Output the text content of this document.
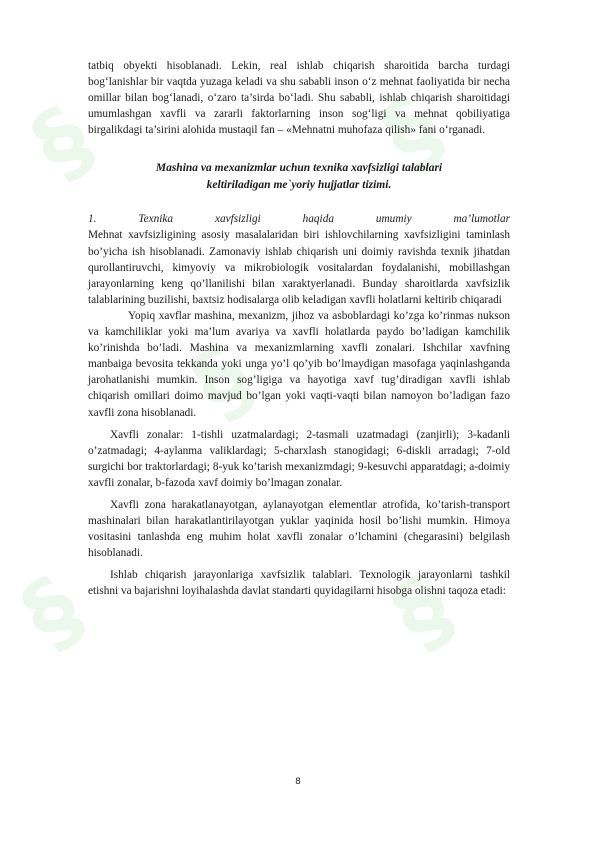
§	§
§
§	§

tatbiq obyekti hisoblanadi. Lekin, real ishlab chiqarish sharoitida barcha turdagi bog‘lanishlar bir vaqtda yuzaga keladi va shu sababli inson o‘z mehnat faoliyatida bir necha omillar bilan bog‘lanadi, o‘zaro ta’sirda bo‘ladi. Shu sababli, ishlab chiqarish sharoitidagi umumlashgan xavfli va zararli faktorlarning inson sog‘ligi va mehnat qobiliyatiga birgalikdagi ta’sirini alohida mustaqil fan – «Mehnatni muhofaza qilish» fani o‘rganadi.

Mashina va mexanizmlar uchun texnika xavfsizligi talablari
keltiriladigan me`yoriy hujjatlar tizimi.
1.	Texnika	xavfsizligi	haqida	umumiy	ma’lumotlar

Mehnat xavfsizligining asosiy masalalaridan biri ishlovchilarning xavfsizligini taminlash bo’yicha ish hisoblanadi. Zamonaviy ishlab chiqarish uni doimiy ravishda texnik jihatdan qurollantiruvchi, kimyoviy va mikrobiologik vositalardan foydalanishi, mobillashgan jarayonlarning keng qo’llanilishi bilan xaraktyerlanadi. Bunday sharoitlarda xavfsizlik talablarining buzilishi, baxtsiz hodisalarga olib keladigan xavfli holatlarni keltirib chiqaradi

Yopiq xavflar mashina, mexanizm, jihoz va asboblardagi ko’zga ko’rinmas nukson va kamchiliklar yoki ma’lum avariya va xavfli holatlarda paydo bo’ladigan kamchilik ko’rinishda bo’ladi. Mashina va mexanizmlarning xavfli zonalari. Ishchilar xavfning manbaiga bevosita tekkanda yoki unga yo’l qo’yib bo’lmaydigan masofaga yaqinlashganda jarohatlanishi mumkin. Inson sog’ligiga va hayotiga xavf tug’diradigan xavfli ishlab chiqarish omillari doimo mavjud bo’lgan yoki vaqti-vaqti bilan namoyon bo’ladigan fazo xavfli zona hisoblanadi.

Xavfli zonalar: 1-tishli uzatmalardagi; 2-tasmali uzatmadagi (zanjirli); 3-kadanli o’zatmadagi; 4-aylanma valiklardagi; 5-charxlash stanogidagi; 6-diskli arradagi; 7-old surgichi bor traktorlardagi; 8-yuk ko’tarish mexanizmdagi; 9-kesuvchi apparatdagi; a-doimiy xavfli zonalar, b-fazoda xavf doimiy bo’lmagan zonalar.

Xavfli zona harakatlanayotgan, aylanayotgan elementlar atrofida, ko’tarish-transport mashinalari bilan harakatlantirilayotgan yuklar yaqinida hosil bo’lishi mumkin. Himoya vositasini tanlashda eng muhim holat xavfli zonalar o’lchamini (chegarasini) belgilash hisoblanadi.

Ishlab chiqarish jarayonlariga xavfsizlik talablari. Texnologik jarayonlarni tashkil etishni va bajarishni loyihalashda davlat standarti quyidagilarni hisobga olishni taqoza etadi:

8
